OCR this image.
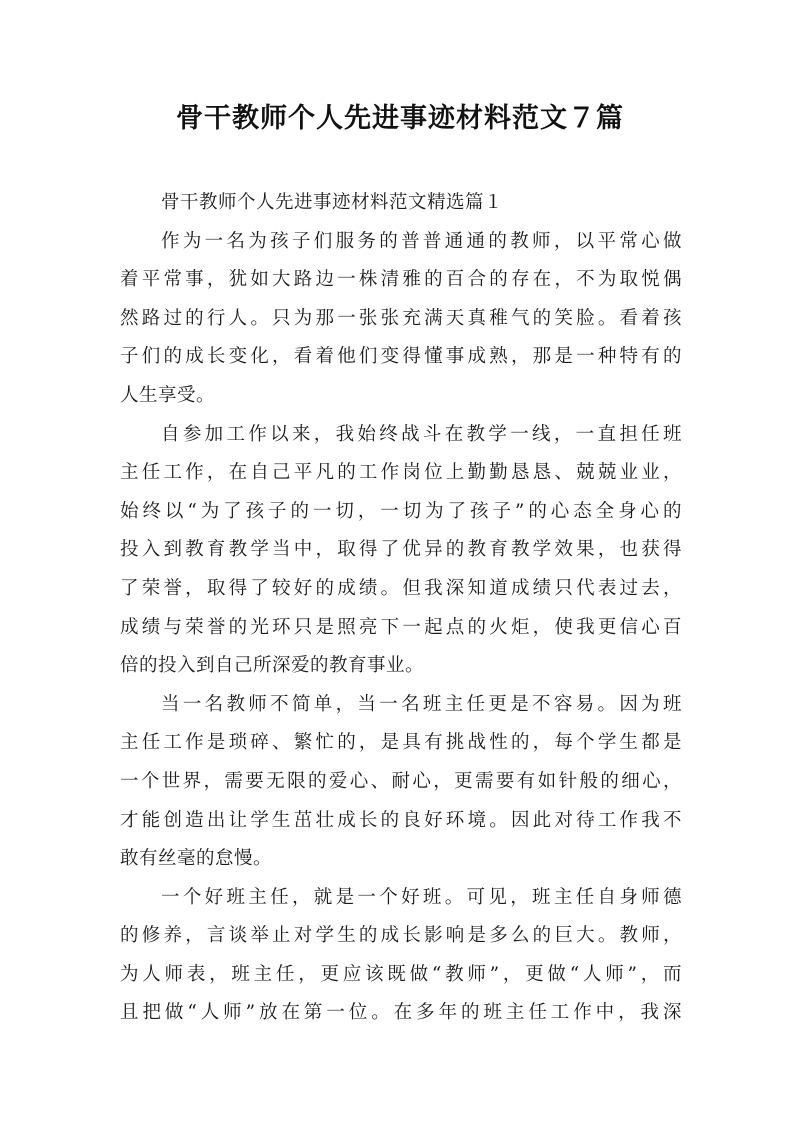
骨干教师个人先进事迹材料范文７篇
骨干教师个人先进事迹材料范文精选篇１
作为一名为孩子们服务的普普通通的教师，以平常心做
着平常事，犹如大路边一株清雅的百合的存在，不为取悦偶
然路过的行人。只为那一张张充满天真稚气的笑脸。看着孩
子们的成长变化，看着他们变得懂事成熟，那是一种特有的
人生享受。
自参加工作以来，我始终战斗在教学一线，一直担任班
主任工作，在自己平凡的工作岗位上勤勤恳恳、兢兢业业，
始终以“为了孩子的一切，一切为了孩子”的心态全身心的
投入到教育教学当中，取得了优异的教育教学效果，也获得
了荣誉，取得了较好的成绩。但我深知道成绩只代表过去，
成绩与荣誉的光环只是照亮下一起点的火炬，使我更信心百
倍的投入到自己所深爱的教育事业。
当一名教师不简单，当一名班主任更是不容易。因为班
主任工作是琐碎、繁忙的，是具有挑战性的，每个学生都是
一个世界，需要无限的爱心、耐心，更需要有如针般的细心，
才能创造出让学生茁壮成长的良好环境。因此对待工作我不
敢有丝毫的怠慢。
一个好班主任，就是一个好班。可见，班主任自身师德
的修养，言谈举止对学生的成长影响是多么的巨大。教师，
为人师表，班主任，更应该既做“教师”，更做“人师”，而
且把做“人师”放在第一位。在多年的班主任工作中，我深
